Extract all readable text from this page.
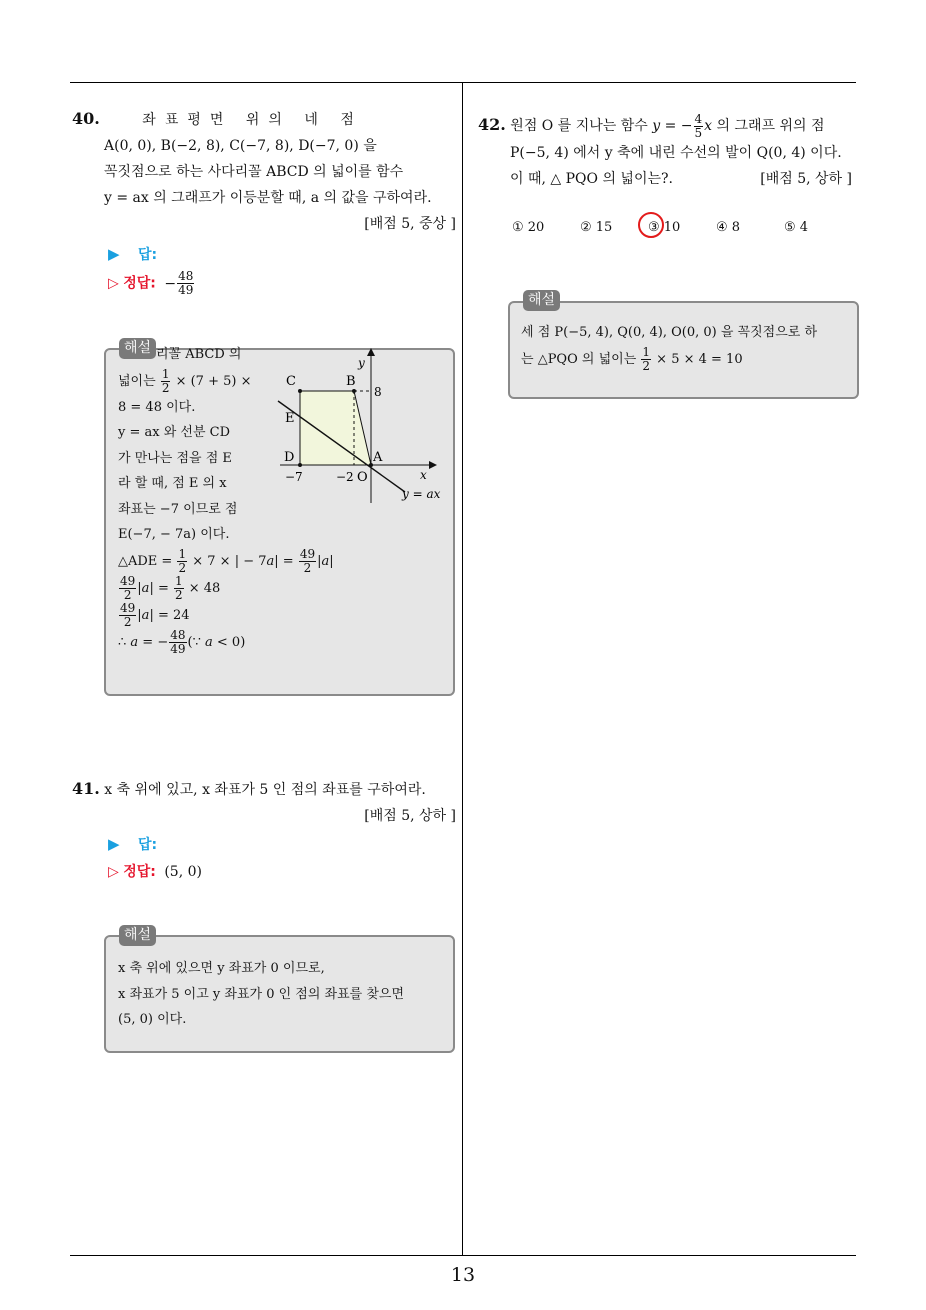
40.	좌표평면 위의 네 점
A(0, 0), B(−2, 8), C(−7, 8), D(−7, 0) 을
꼭짓점으로 하는 사다리꼴 ABCD 의 넓이를 함수
y = ax 의 그래프가 이등분할 때, a 의 값을 구하여라.
[배점 5, 중상 ]
▶ 답:
▷ 정답: − $\frac{48}{49}$
해설 리꼴 ABCD 의
넓이는 $\frac{1}{2} \times (7 + 5)$ ×
8 = 48 이다.
y = ax 와 선분 CD
가 만나는 점을 점 E
라 할 때, 점 E 의 x
좌표는 −7 이므로 점
E(−7, − 7a) 이다.
△ADE = $\frac{1}{2} \times 7$ × | − $7a| = \frac{49}{2} |a|$
$\frac{49}{2} |a| = \frac{1}{2} \times 48$
$\frac{49}{2} |a| = 24$
∴ a = − $\frac{48}{49}$ (∵ a < 0)
C	B
E
D	A
O	x
y
8
−7	−2
y = ax
41. x 축 위에 있고, x 좌표가 5 인 점의 좌표를 구하여라.
[배점 5, 상하 ]
▶ 답:
▷ 정답: (5, 0)
해설
x 축 위에 있으면 y 좌표가 0 이므로,
x 좌표가 5 이고 y 좌표가 0 인 점의 좌표를 찾으면
(5, 0) 이다.
42. 원점 O 를 지나는 함수 y = − $\frac{4}{5}$ x 의 그래프 위의 점
P(−5, 4) 에서 y 축에 내린 수선의 발이 Q(0, 4) 이다.
이 때, △ PQO 의 넓이는?.	[배점 5, 상하 ]
① 20	② 15	③ 10	④ 8	⑤ 4
해설
세 점 P(−5, 4), Q(0, 4), O(0, 0) 을 꼭짓점으로 하
는 △PQO 의 넓이는 $\frac{1}{2} \times 5 \times 4 = 10$
13
